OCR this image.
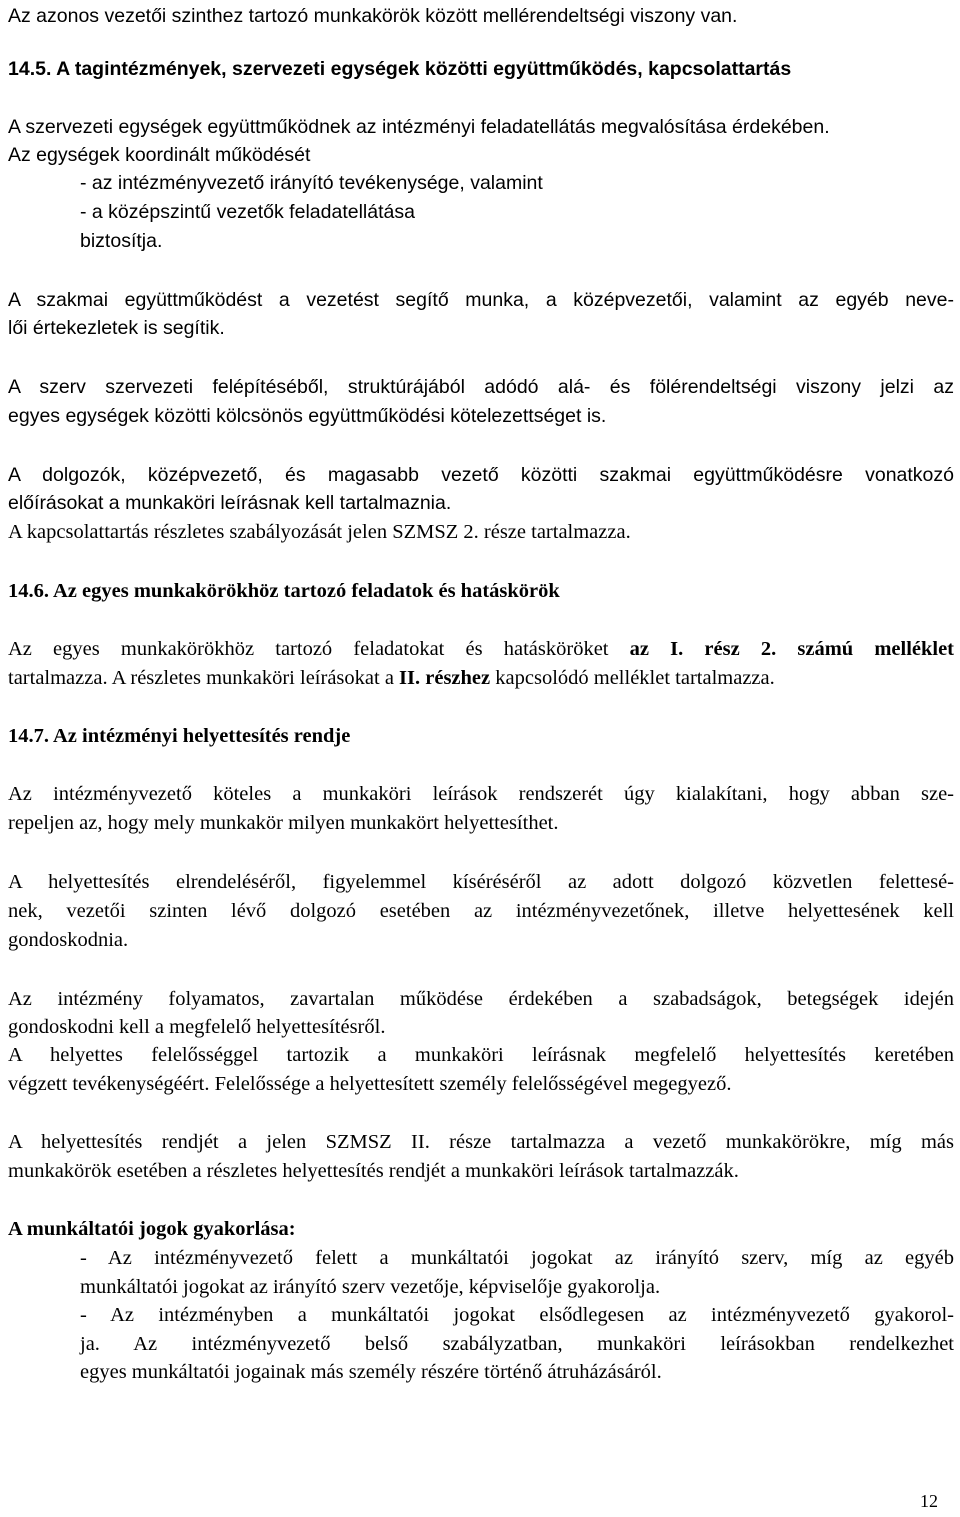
Az azonos vezetői szinthez tartozó munkakörök között mellérendeltségi viszony van.
14.5. A tagintézmények, szervezeti egységek közötti együttműködés, kapcsolattartás
A szervezeti egységek együttműködnek az intézményi feladatellátás megvalósítása érdekében.
Az egységek koordinált működését
- az intézményvezető irányító tevékenysége, valamint
- a középszintű vezetők feladatellátása
biztosítja.
A szakmai együttműködést a vezetést segítő munka, a középvezetői, valamint az egyéb neve-
lői értekezletek is segítik.
A szerv szervezeti felépítéséből, struktúrájából adódó alá- és fölérendeltségi viszony jelzi az
egyes egységek közötti kölcsönös együttműködési kötelezettséget is.
A dolgozók, középvezető, és magasabb vezető közötti szakmai együttműködésre vonatkozó
előírásokat a munkaköri leírásnak kell tartalmaznia.
A kapcsolattartás részletes szabályozását jelen SZMSZ 2. része tartalmazza.
14.6. Az egyes munkakörökhöz tartozó feladatok és hatáskörök
Az egyes munkakörökhöz tartozó feladatokat és hatásköröket az I. rész 2. számú melléklet
tartalmazza. A részletes munkaköri leírásokat a II. részhez kapcsolódó melléklet tartalmazza.
14.7. Az intézményi helyettesítés rendje
Az intézményvezető köteles a munkaköri leírások rendszerét úgy kialakítani, hogy abban sze-
repeljen az, hogy mely munkakör milyen munkakört helyettesíthet.
A helyettesítés elrendeléséről, figyelemmel kíséréséről az adott dolgozó közvetlen felettesé-
nek, vezetői szinten lévő dolgozó esetében az intézményvezetőnek, illetve helyettesének kell
gondoskodnia.
Az intézmény folyamatos, zavartalan működése érdekében a szabadságok, betegségek idején
gondoskodni kell a megfelelő helyettesítésről.
A helyettes felelősséggel tartozik a munkaköri leírásnak megfelelő helyettesítés keretében
végzett tevékenységéért. Felelőssége a helyettesített személy felelősségével megegyező.
A helyettesítés rendjét a jelen SZMSZ II. része tartalmazza a vezető munkakörökre, míg más
munkakörök esetében a részletes helyettesítés rendjét a munkaköri leírások tartalmazzák.
A munkáltatói jogok gyakorlása:
- Az intézményvezető felett a munkáltatói jogokat az irányító szerv, míg az egyéb
munkáltatói jogokat az irányító szerv vezetője, képviselője gyakorolja.
- Az intézményben a munkáltatói jogokat elsődlegesen az intézményvezető gyakorol-
ja. Az intézményvezető belső szabályzatban, munkaköri leírásokban rendelkezhet
egyes munkáltatói jogainak más személy részére történő átruházásáról.
12
